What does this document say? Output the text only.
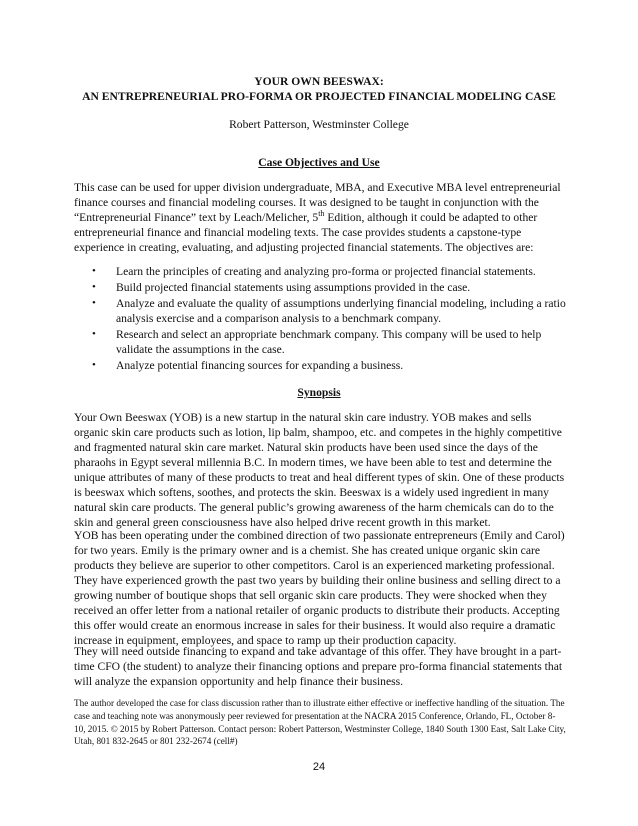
YOUR OWN BEESWAX:
AN ENTREPRENEURIAL PRO-FORMA OR PROJECTED FINANCIAL MODELING CASE
Robert Patterson, Westminster College
Case Objectives and Use
This case can be used for upper division undergraduate, MBA, and Executive MBA level entrepreneurial finance courses and financial modeling courses. It was designed to be taught in conjunction with the “Entrepreneurial Finance” text by Leach/Melicher, 5th Edition, although it could be adapted to other entrepreneurial finance and financial modeling texts. The case provides students a capstone-type experience in creating, evaluating, and adjusting projected financial statements. The objectives are:
• Learn the principles of creating and analyzing pro-forma or projected financial statements.
• Build projected financial statements using assumptions provided in the case.
• Analyze and evaluate the quality of assumptions underlying financial modeling, including a ratio analysis exercise and a comparison analysis to a benchmark company.
• Research and select an appropriate benchmark company. This company will be used to help validate the assumptions in the case.
• Analyze potential financing sources for expanding a business.
Synopsis
Your Own Beeswax (YOB) is a new startup in the natural skin care industry. YOB makes and sells organic skin care products such as lotion, lip balm, shampoo, etc. and competes in the highly competitive and fragmented natural skin care market. Natural skin products have been used since the days of the pharaohs in Egypt several millennia B.C. In modern times, we have been able to test and determine the unique attributes of many of these products to treat and heal different types of skin. One of these products is beeswax which softens, soothes, and protects the skin. Beeswax is a widely used ingredient in many natural skin care products. The general public’s growing awareness of the harm chemicals can do to the skin and general green consciousness have also helped drive recent growth in this market.
YOB has been operating under the combined direction of two passionate entrepreneurs (Emily and Carol) for two years. Emily is the primary owner and is a chemist. She has created unique organic skin care products they believe are superior to other competitors. Carol is an experienced marketing professional. They have experienced growth the past two years by building their online business and selling direct to a growing number of boutique shops that sell organic skin care products. They were shocked when they received an offer letter from a national retailer of organic products to distribute their products. Accepting this offer would create an enormous increase in sales for their business. It would also require a dramatic increase in equipment, employees, and space to ramp up their production capacity.
They will need outside financing to expand and take advantage of this offer. They have brought in a part-time CFO (the student) to analyze their financing options and prepare pro-forma financial statements that will analyze the expansion opportunity and help finance their business.
The author developed the case for class discussion rather than to illustrate either effective or ineffective handling of the situation. The case and teaching note was anonymously peer reviewed for presentation at the NACRA 2015 Conference, Orlando, FL, October 8-10, 2015. © 2015 by Robert Patterson. Contact person: Robert Patterson, Westminster College, 1840 South 1300 East, Salt Lake City, Utah, 801 832-2645 or 801 232-2674 (cell#)
24
